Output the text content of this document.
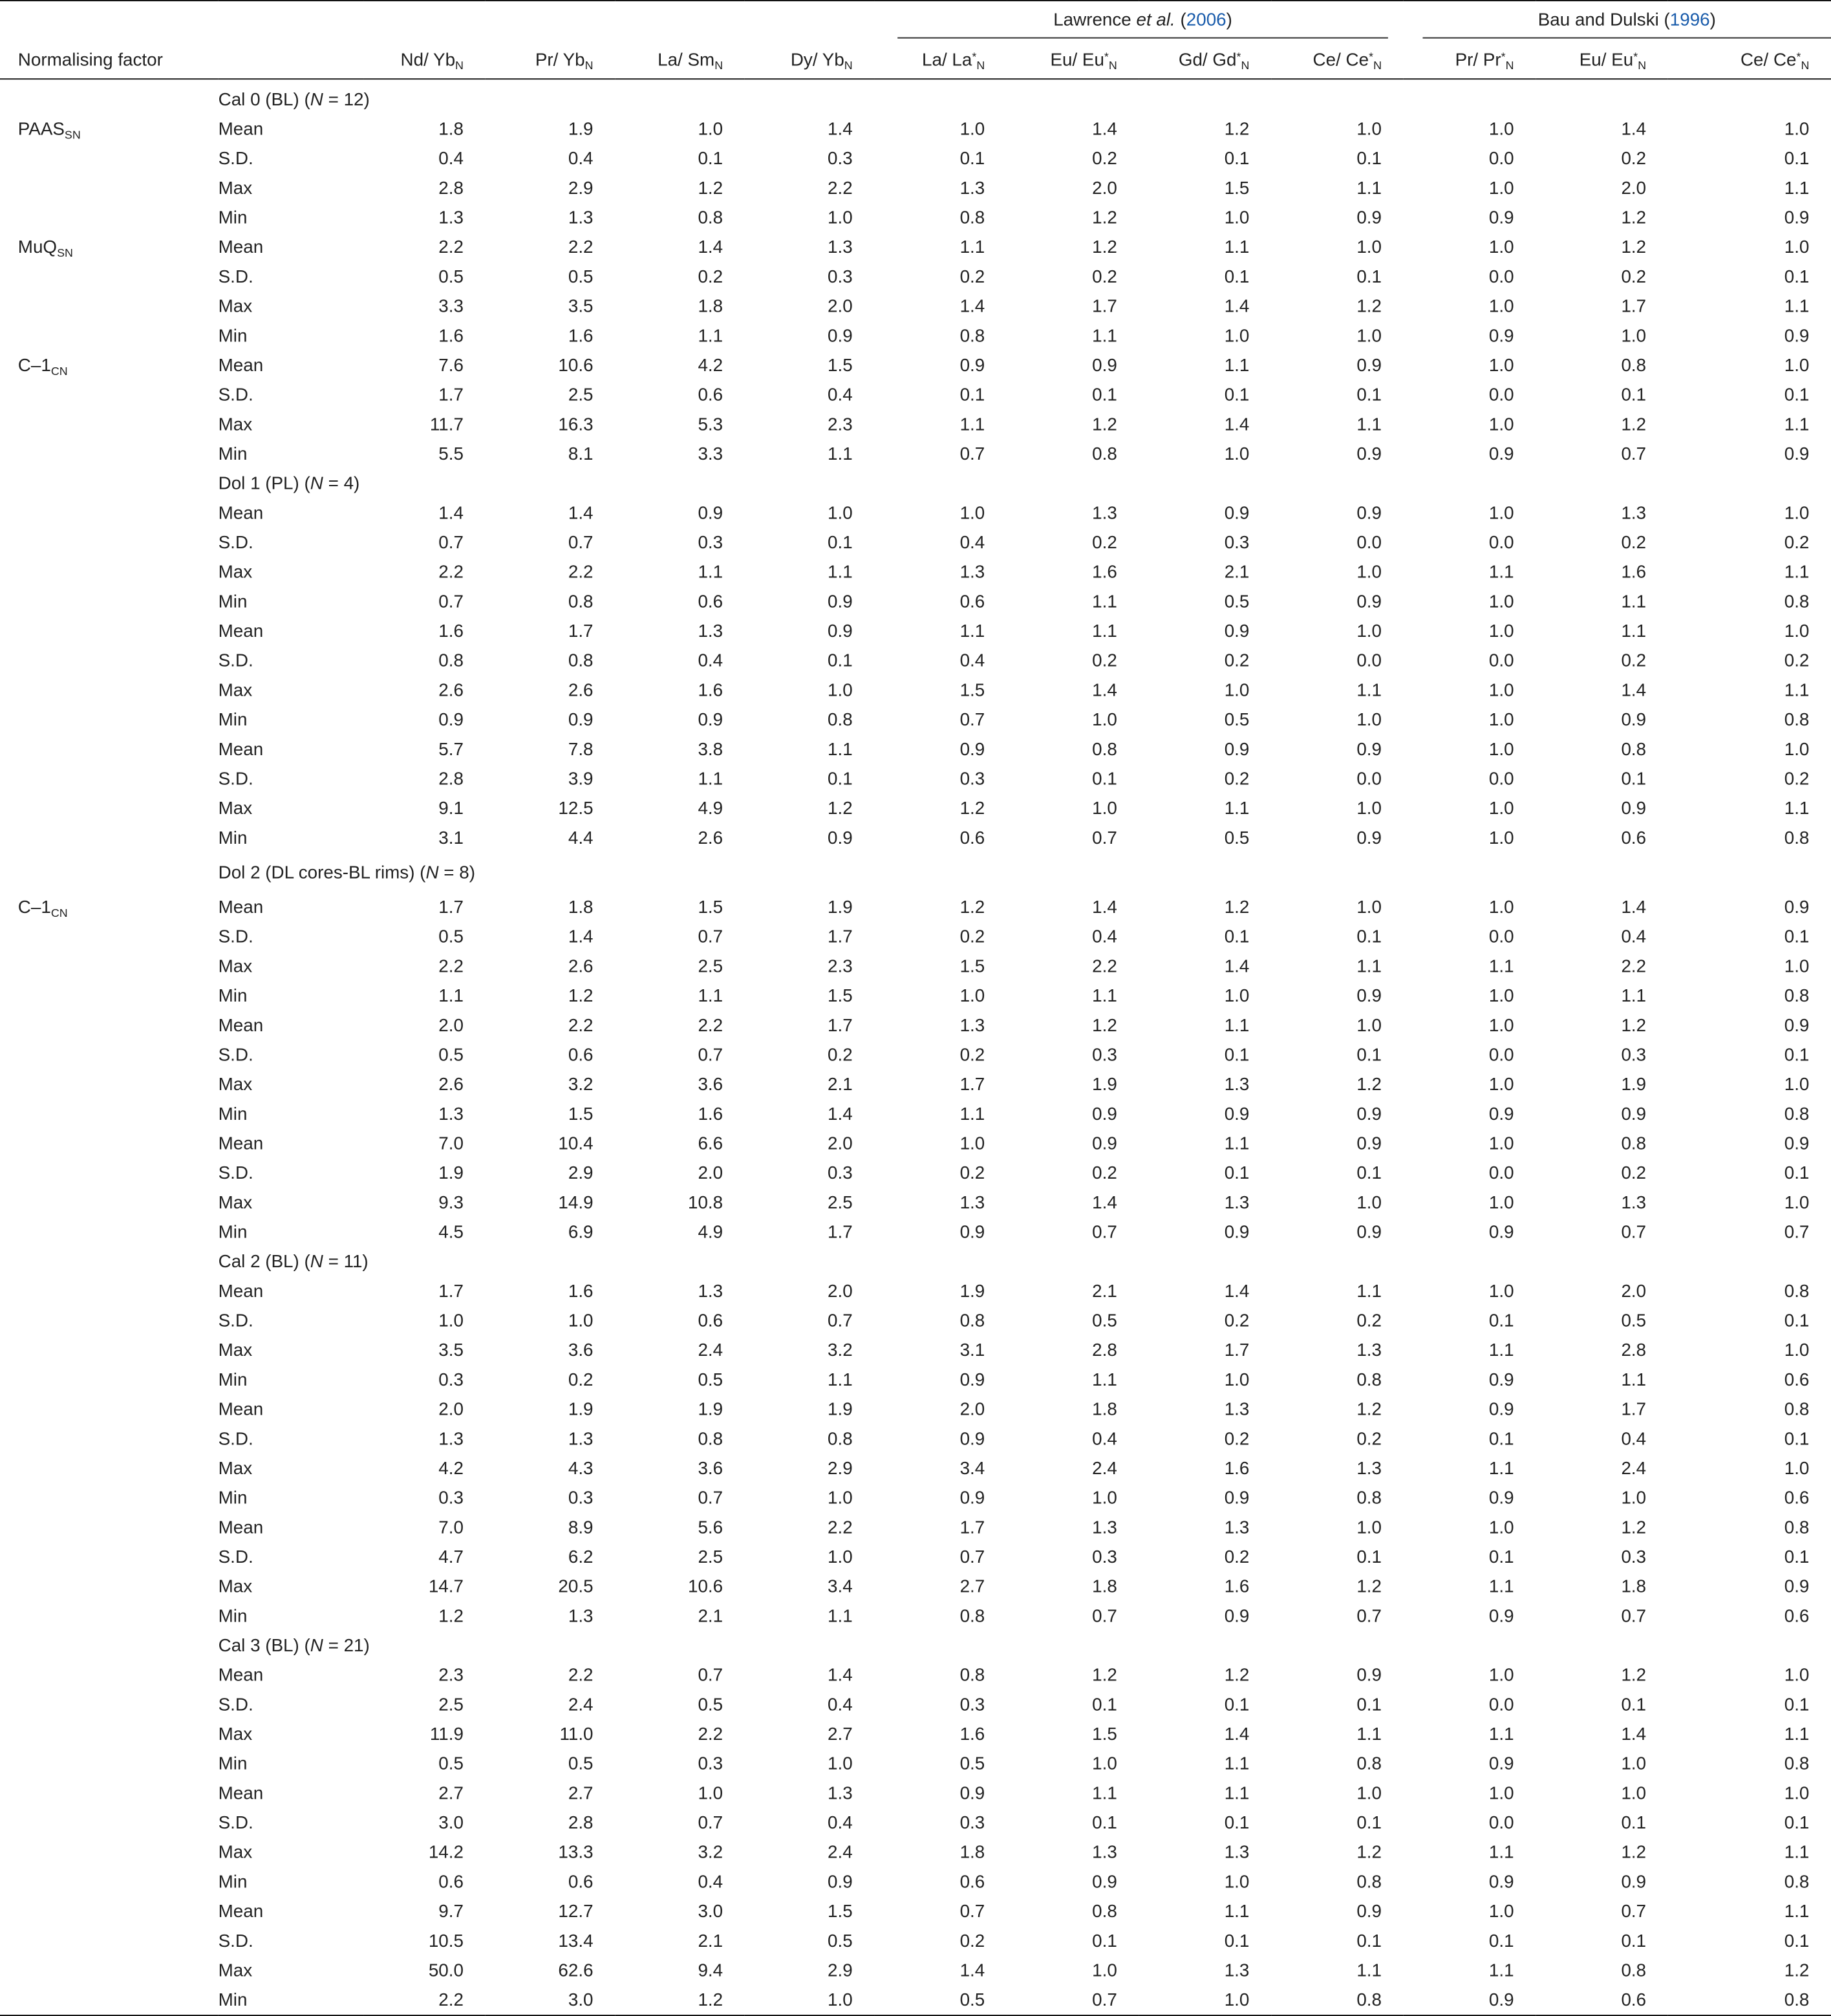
						Lawrence et al. (2006)				Bau and Dulski (1996)		

Normalising factor		Nd/ $Yb_N$	Pr/ $Yb_N$	La/ $Sm_N$	Dy/ $Yb_N$	La/ $La^*_N$	Eu/ $Eu^*_N$	Gd/ $Gd^*_N$	Ce/ $Ce^*_N$	Pr/ $Pr^*_N$	Eu/ $Eu^*_N$	Ce/ $Ce^*_N$
	Cal 0 (BL) (N = 12)											
$PAAS_{SN}$	Mean	1.8	1.9	1.0	1.4	1.0	1.4	1.2	1.0	1.0	1.4	1.0
	S.D.	0.4	0.4	0.1	0.3	0.1	0.2	0.1	0.1	0.0	0.2	0.1
	Max	2.8	2.9	1.2	2.2	1.3	2.0	1.5	1.1	1.0	2.0	1.1
	Min	1.3	1.3	0.8	1.0	0.8	1.2	1.0	0.9	0.9	1.2	0.9
MuQ$_{SN}$	Mean	2.2	2.2	1.4	1.3	1.1	1.2	1.1	1.0	1.0	1.2	1.0
	S.D.	0.5	0.5	0.2	0.3	0.2	0.2	0.1	0.1	0.0	0.2	0.1
	Max	3.3	3.5	1.8	2.0	1.4	1.7	1.4	1.2	1.0	1.7	1.1
	Min	1.6	1.6	1.1	0.9	0.8	1.1	1.0	1.0	0.9	1.0	0.9
$C-1_{CN}$	Mean	7.6	10.6	4.2	1.5	0.9	0.9	1.1	0.9	1.0	0.8	1.0
	S.D.	1.7	2.5	0.6	0.4	0.1	0.1	0.1	0.1	0.0	0.1	0.1
	Max	11.7	16.3	5.3	2.3	1.1	1.2	1.4	1.1	1.0	1.2	1.1
	Min	5.5	8.1	3.3	1.1	0.7	0.8	1.0	0.9	0.9	0.7	0.9
	Dol 1 (PL) (N = 4)											
	Mean	1.4	1.4	0.9	1.0	1.0	1.3	0.9	0.9	1.0	1.3	1.0
	S.D.	0.7	0.7	0.3	0.1	0.4	0.2	0.3	0.0	0.0	0.2	0.2
	Max	2.2	2.2	1.1	1.1	1.3	1.6	2.1	1.0	1.1	1.6	1.1
	Min	0.7	0.8	0.6	0.9	0.6	1.1	0.5	0.9	1.0	1.1	0.8
	Mean	1.6	1.7	1.3	0.9	1.1	1.1	0.9	1.0	1.0	1.1	1.0
	S.D.	0.8	0.8	0.4	0.1	0.4	0.2	0.2	0.0	0.0	0.2	0.2
	Max	2.6	2.6	1.6	1.0	1.5	1.4	1.0	1.1	1.0	1.4	1.1
	Min	0.9	0.9	0.9	0.8	0.7	1.0	0.5	1.0	1.0	0.9	0.8
	Mean	5.7	7.8	3.8	1.1	0.9	0.8	0.9	0.9	1.0	0.8	1.0
	S.D.	2.8	3.9	1.1	0.1	0.3	0.1	0.2	0.0	0.0	0.1	0.2
	Max	9.1	12.5	4.9	1.2	1.2	1.0	1.1	1.0	1.0	0.9	1.1
	Min	3.1	4.4	2.6	0.9	0.6	0.7	0.5	0.9	1.0	0.6	0.8
	Dol 2 (DL cores-BL rims) (N = 8)											
$C-1_{CN}$	Mean	1.7	1.8	1.5	1.9	1.2	1.4	1.2	1.0	1.0	1.4	0.9
	S.D.	0.5	1.4	0.7	1.7	0.2	0.4	0.1	0.1	0.0	0.4	0.1
	Max	2.2	2.6	2.5	2.3	1.5	2.2	1.4	1.1	1.1	2.2	1.0
	Min	1.1	1.2	1.1	1.5	1.0	1.1	1.0	0.9	1.0	1.1	0.8
	Mean	2.0	2.2	2.2	1.7	1.3	1.2	1.1	1.0	1.0	1.2	0.9
	S.D.	0.5	0.6	0.7	0.2	0.2	0.3	0.1	0.1	0.0	0.3	0.1
	Max	2.6	3.2	3.6	2.1	1.7	1.9	1.3	1.2	1.0	1.9	1.0
	Min	1.3	1.5	1.6	1.4	1.1	0.9	0.9	0.9	0.9	0.9	0.8
	Mean	7.0	10.4	6.6	2.0	1.0	0.9	1.1	0.9	1.0	0.8	0.9
	S.D.	1.9	2.9	2.0	0.3	0.2	0.2	0.1	0.1	0.0	0.2	0.1
	Max	9.3	14.9	10.8	2.5	1.3	1.4	1.3	1.0	1.0	1.3	1.0
	Min	4.5	6.9	4.9	1.7	0.9	0.7	0.9	0.9	0.9	0.7	0.7
	Cal 2 (BL) (N = 11)											
	Mean	1.7	1.6	1.3	2.0	1.9	2.1	1.4	1.1	1.0	2.0	0.8
	S.D.	1.0	1.0	0.6	0.7	0.8	0.5	0.2	0.2	0.1	0.5	0.1
	Max	3.5	3.6	2.4	3.2	3.1	2.8	1.7	1.3	1.1	2.8	1.0
	Min	0.3	0.2	0.5	1.1	0.9	1.1	1.0	0.8	0.9	1.1	0.6
	Mean	2.0	1.9	1.9	1.9	2.0	1.8	1.3	1.2	0.9	1.7	0.8
	S.D.	1.3	1.3	0.8	0.8	0.9	0.4	0.2	0.2	0.1	0.4	0.1
	Max	4.2	4.3	3.6	2.9	3.4	2.4	1.6	1.3	1.1	2.4	1.0
	Min	0.3	0.3	0.7	1.0	0.9	1.0	0.9	0.8	0.9	1.0	0.6
	Mean	7.0	8.9	5.6	2.2	1.7	1.3	1.3	1.0	1.0	1.2	0.8
	S.D.	4.7	6.2	2.5	1.0	0.7	0.3	0.2	0.1	0.1	0.3	0.1
	Max	14.7	20.5	10.6	3.4	2.7	1.8	1.6	1.2	1.1	1.8	0.9
	Min	1.2	1.3	2.1	1.1	0.8	0.7	0.9	0.7	0.9	0.7	0.6
	Cal 3 (BL) (N = 21)											
	Mean	2.3	2.2	0.7	1.4	0.8	1.2	1.2	0.9	1.0	1.2	1.0
	S.D.	2.5	2.4	0.5	0.4	0.3	0.1	0.1	0.1	0.0	0.1	0.1
	Max	11.9	11.0	2.2	2.7	1.6	1.5	1.4	1.1	1.1	1.4	1.1
	Min	0.5	0.5	0.3	1.0	0.5	1.0	1.1	0.8	0.9	1.0	0.8
	Mean	2.7	2.7	1.0	1.3	0.9	1.1	1.1	1.0	1.0	1.0	1.0
	S.D.	3.0	2.8	0.7	0.4	0.3	0.1	0.1	0.1	0.0	0.1	0.1
	Max	14.2	13.3	3.2	2.4	1.8	1.3	1.3	1.2	1.1	1.2	1.1
	Min	0.6	0.6	0.4	0.9	0.6	0.9	1.0	0.8	0.9	0.9	0.8
	Mean	9.7	12.7	3.0	1.5	0.7	0.8	1.1	0.9	1.0	0.7	1.1
	S.D.	10.5	13.4	2.1	0.5	0.2	0.1	0.1	0.1	0.1	0.1	0.1
	Max	50.0	62.6	9.4	2.9	1.4	1.0	1.3	1.1	1.1	0.8	1.2
	Min	2.2	3.0	1.2	1.0	0.5	0.7	1.0	0.8	0.9	0.6	0.8
